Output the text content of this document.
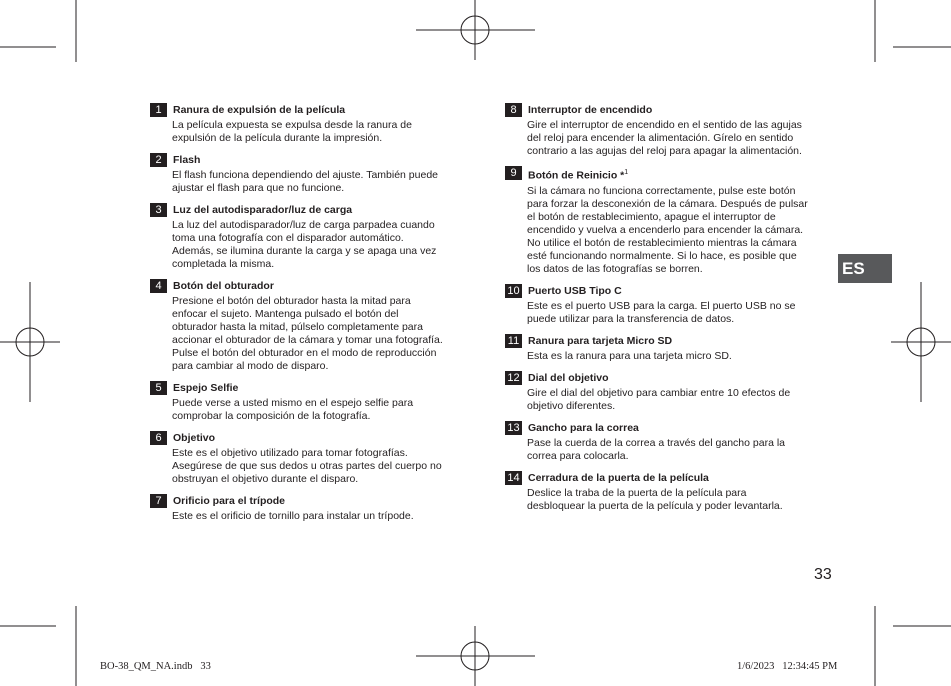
1	Ranura de expulsión de la película
La película expuesta se expulsa desde la ranura de
expulsión de la película durante la impresión.
2	Flash
El flash funciona dependiendo del ajuste. También puede
ajustar el flash para que no funcione.
3	Luz del autodisparador/luz de carga
La luz del autodisparador/luz de carga parpadea cuando
toma una fotografía con el disparador automático.
Además, se ilumina durante la carga y se apaga una vez
completada la misma.
4	Botón del obturador
Presione el botón del obturador hasta la mitad para
enfocar el sujeto. Mantenga pulsado el botón del
obturador hasta la mitad, púlselo completamente para
accionar el obturador de la cámara y tomar una fotografía.
Pulse el botón del obturador en el modo de reproducción
para cambiar al modo de disparo.
5	Espejo Selfie
Puede verse a usted mismo en el espejo selfie para
comprobar la composición de la fotografía.
6	Objetivo
Este es el objetivo utilizado para tomar fotografías.
Asegúrese de que sus dedos u otras partes del cuerpo no
obstruyan el objetivo durante el disparo.
7	Orificio para el trípode
Este es el orificio de tornillo para instalar un trípode.
8	Interruptor de encendido
Gire el interruptor de encendido en el sentido de las agujas
del reloj para encender la alimentación. Gírelo en sentido
contrario a las agujas del reloj para apagar la alimentación.
9	Botón de Reinicio *$^1$
Si la cámara no funciona correctamente, pulse este botón
para forzar la desconexión de la cámara. Después de pulsar
el botón de restablecimiento, apague el interruptor de
encendido y vuelva a encenderlo para encender la cámara.
No utilice el botón de restablecimiento mientras la cámara
esté funcionando normalmente. Si lo hace, es posible que
los datos de las fotografías se borren.
10 Puerto USB Tipo C
Este es el puerto USB para la carga. El puerto USB no se
puede utilizar para la transferencia de datos.
11 Ranura para tarjeta Micro SD
Esta es la ranura para una tarjeta micro SD.
12 Dial del objetivo
Gire el dial del objetivo para cambiar entre 10 efectos de
objetivo diferentes.
13 Gancho para la correa
Pase la cuerda de la correa a través del gancho para la
correa para colocarla.
14 Cerradura de la puerta de la película
Deslice la traba de la puerta de la película para
desbloquear la puerta de la película y poder levantarla.
ES
33
BO-38_QM_NA.indb   33	1/6/2023   12:34:45 PM
